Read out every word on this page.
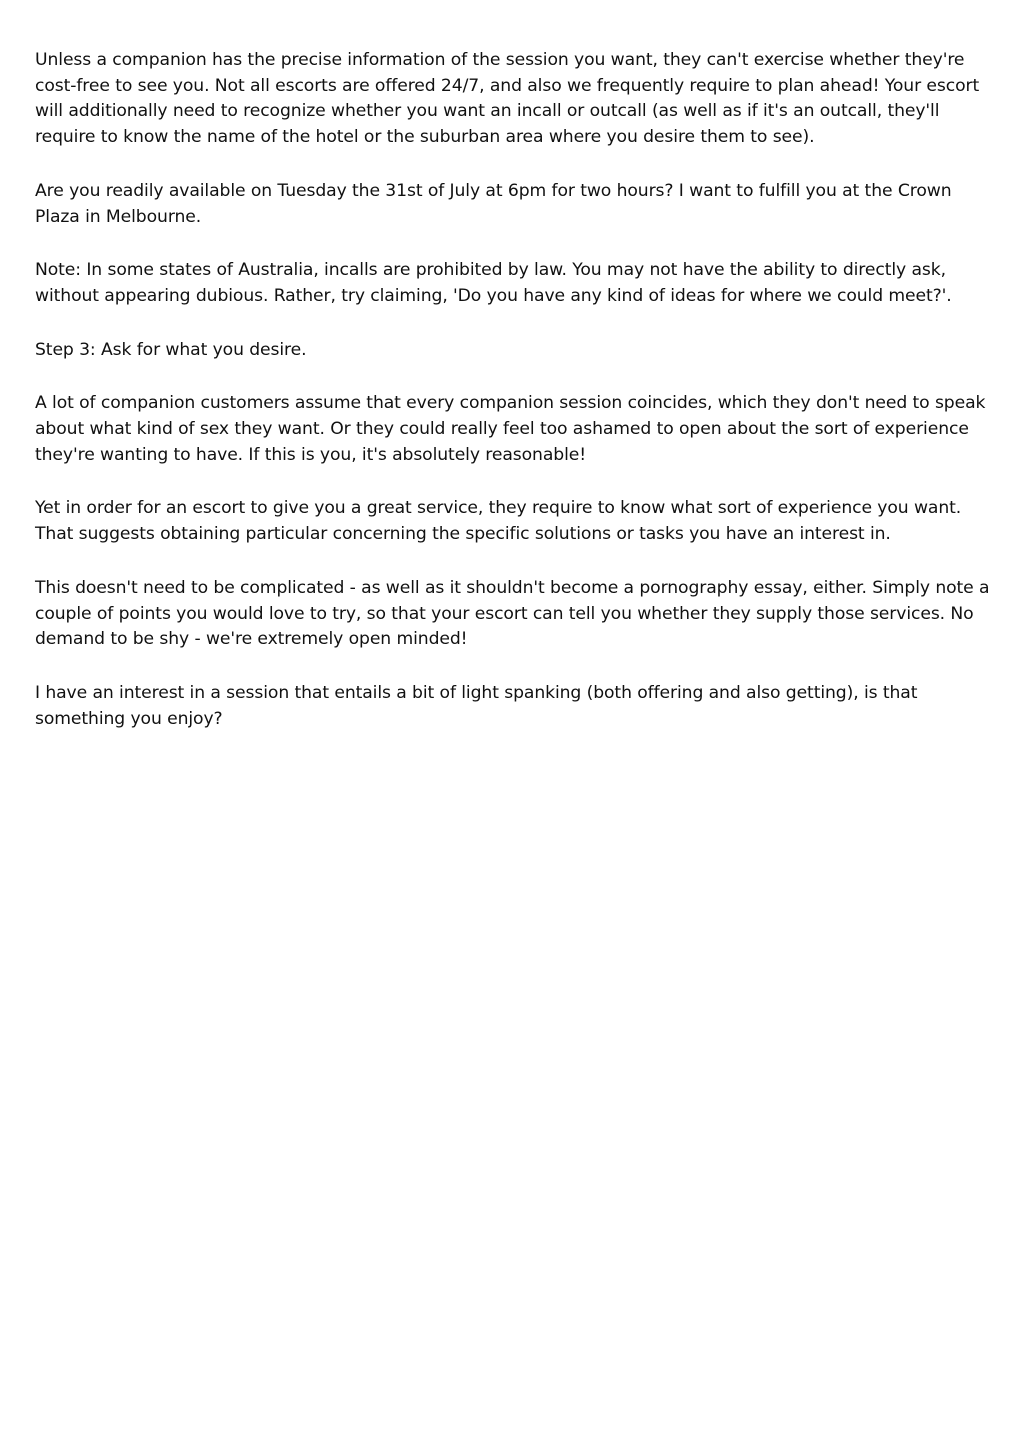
Unless a companion has the precise information of the session you want, they can't exercise whether they're cost-free to see you. Not all escorts are offered 24/7, and also we frequently require to plan ahead! Your escort will additionally need to recognize whether you want an incall or outcall (as well as if it's an outcall, they'll require to know the name of the hotel or the suburban area where you desire them to see).

Are you readily available on Tuesday the 31st of July at 6pm for two hours? I want to fulfill you at the Crown Plaza in Melbourne.

Note: In some states of Australia, incalls are prohibited by law. You may not have the ability to directly ask, without appearing dubious. Rather, try claiming, 'Do you have any kind of ideas for where we could meet?'.

Step 3: Ask for what you desire.

A lot of companion customers assume that every companion session coincides, which they don't need to speak about what kind of sex they want. Or they could really feel too ashamed to open about the sort of experience they're wanting to have. If this is you, it's absolutely reasonable!

Yet in order for an escort to give you a great service, they require to know what sort of experience you want. That suggests obtaining particular concerning the specific solutions or tasks you have an interest in.

This doesn't need to be complicated - as well as it shouldn't become a pornography essay, either. Simply note a couple of points you would love to try, so that your escort can tell you whether they supply those services. No demand to be shy - we're extremely open minded!

I have an interest in a session that entails a bit of light spanking (both offering and also getting), is that something you enjoy?
